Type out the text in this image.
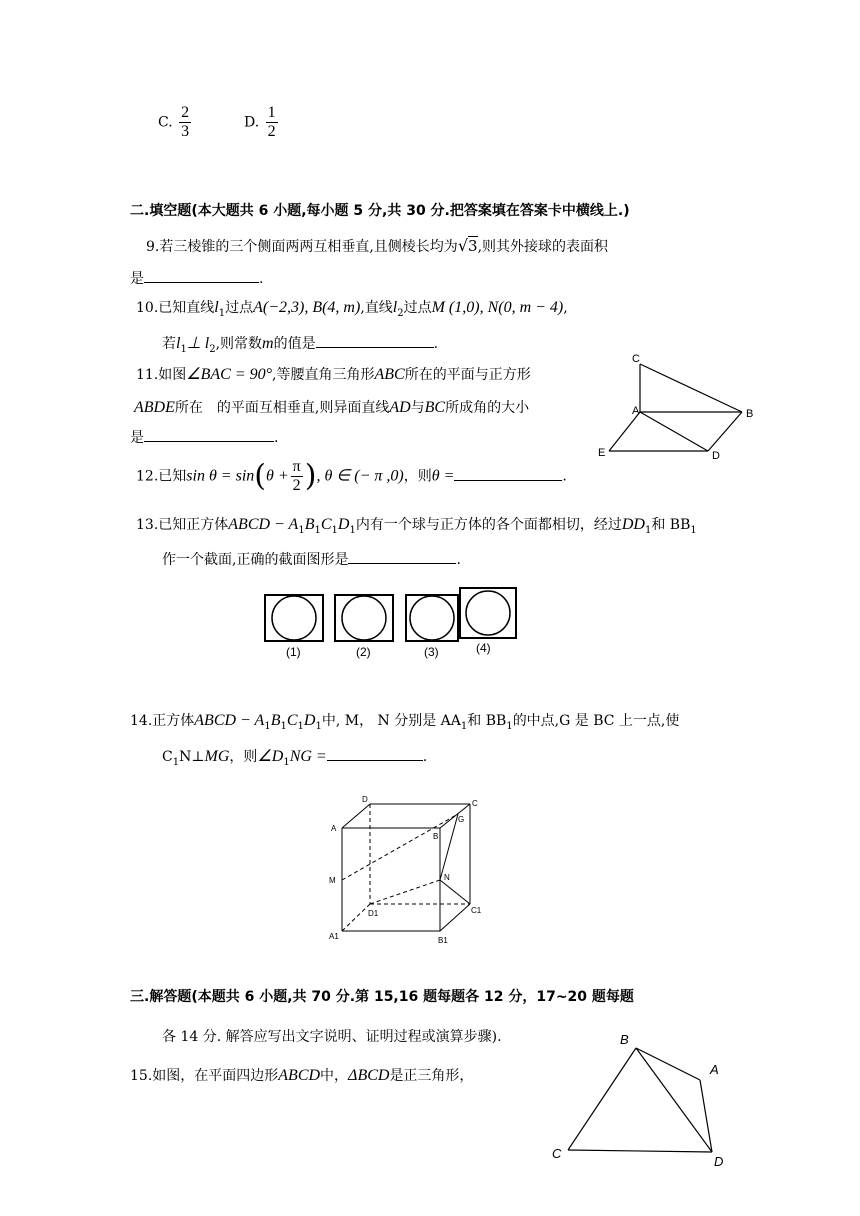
C. $\frac{2}{3}$	D. $\frac{1}{2}$
二.填空题(本大题共 6 小题,每小题 5 分,共 30 分.把答案填在答案卡中横线上.)
9.若三棱锥的三个侧面两两互相垂直,且侧棱长均为√3,则其外接球的表面积
是	.
10.已知直线$l_1$过点A(−2,3), B(4, m),直线$l_2$过点M (1,0), N(0, m − 4),
若$l_1\perp$ $l_2$,则常数m的值是	.
11.如图∠BAC = 90°,等腰直角三角形ABC所在的平面与正方形
ABDE所在　的平面互相垂直,则异面直线AD与BC所成角的大小
是	.
C
A	B
E	D
12.已知$\sin \theta = \sin(\theta + \frac{\pi}{2}$ ), θ ∈ (− π ,0)，则θ =	.
13.已知正方体ABCD − $A_1B_1C_1D_1$内有一个球与正方体的各个面都相切，经过$DD_1$和 $BB_1$
作一个截面,正确的截面图形是	.
(1)	(2)	(3)	(4)
14.正方体ABCD − $A_1B_1C_1D_1$中, M， N 分别是 $AA_1$和 $BB_1$的中点,G 是 BC 上一点,使
$C_1N\perp MG$，则$\angle D_1NG$ =	.
D	C
A
B
G
M	N
D1	C1
A1	B1
三.解答题(本题共 6 小题,共 70 分.第 15,16 题每题各 12 分，17~20 题每题
各 14 分. 解答应写出文字说明、证明过程或演算步骤).
15.如图，在平面四边形ABCD中，ΔBCD是正三角形，
B
A
C
D
